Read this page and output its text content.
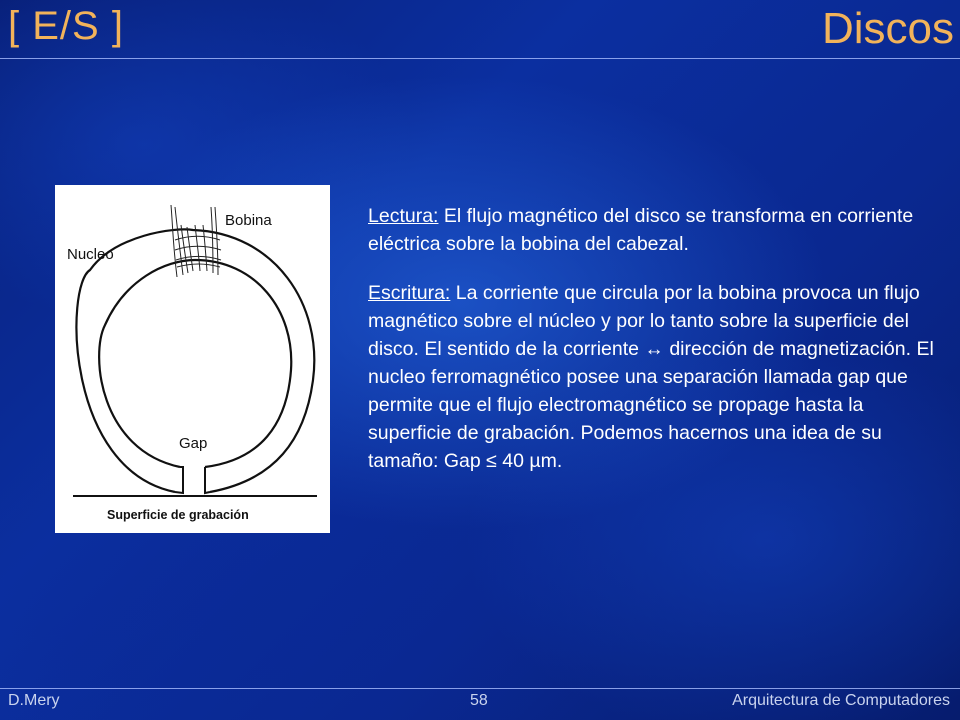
[ E/S ]	Discos
Bobina
Nucleo
Gap
Superficie de grabación

Lectura: El flujo magnético del disco se transforma en corriente eléctrica sobre la bobina del cabezal.

Escritura: La corriente que circula por la bobina provoca un flujo magnético sobre el núcleo y por lo tanto sobre la superficie del disco. El sentido de la corriente ↔ dirección de magnetización. El nucleo ferromagnético posee una separación llamada gap que permite que el flujo electromagnético se propage hasta la superficie de grabación. Podemos hacernos una idea de su tamaño: Gap ≤ 40 µm.

D.Mery	58	Arquitectura de Computadores
